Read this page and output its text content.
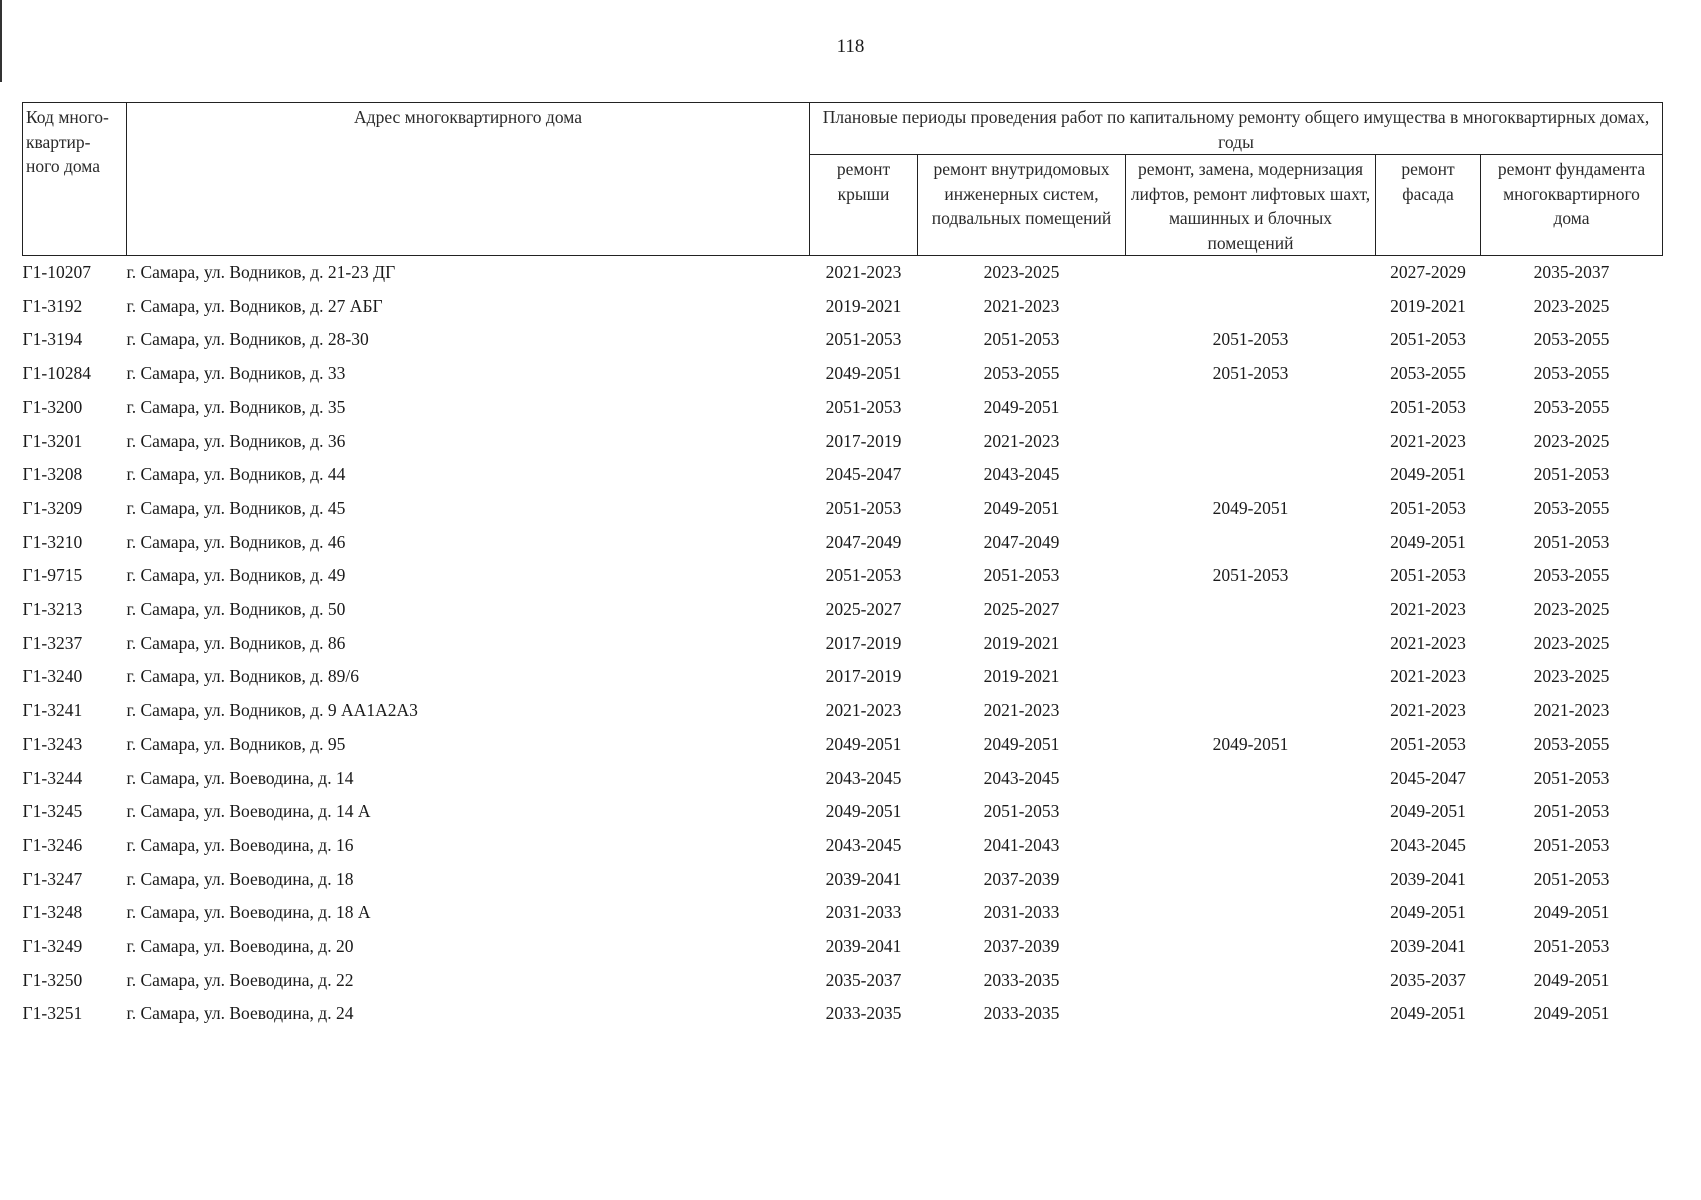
118
Код много-квартир-ного дома	Адрес многоквартирного дома	Плановые периоды проведения работ по капитальному ремонту общего имущества в многоквартирных домах, годы				
		ремонт крыши	ремонт внутридомовых инженерных систем, подвальных помещений	ремонт, замена, модернизация лифтов, ремонт лифтовых шахт, машинных и блочных помещений	ремонт фасада	ремонт фундамента многоквартирного дома
Г1-10207	г. Самара, ул. Водников, д. 21-23 ДГ	2021-2023	2023-2025		2027-2029	2035-2037
Г1-3192	г. Самара, ул. Водников, д. 27 АБГ	2019-2021	2021-2023		2019-2021	2023-2025
Г1-3194	г. Самара, ул. Водников, д. 28-30	2051-2053	2051-2053	2051-2053	2051-2053	2053-2055
Г1-10284	г. Самара, ул. Водников, д. 33	2049-2051	2053-2055	2051-2053	2053-2055	2053-2055
Г1-3200	г. Самара, ул. Водников, д. 35	2051-2053	2049-2051		2051-2053	2053-2055
Г1-3201	г. Самара, ул. Водников, д. 36	2017-2019	2021-2023		2021-2023	2023-2025
Г1-3208	г. Самара, ул. Водников, д. 44	2045-2047	2043-2045		2049-2051	2051-2053
Г1-3209	г. Самара, ул. Водников, д. 45	2051-2053	2049-2051	2049-2051	2051-2053	2053-2055
Г1-3210	г. Самара, ул. Водников, д. 46	2047-2049	2047-2049		2049-2051	2051-2053
Г1-9715	г. Самара, ул. Водников, д. 49	2051-2053	2051-2053	2051-2053	2051-2053	2053-2055
Г1-3213	г. Самара, ул. Водников, д. 50	2025-2027	2025-2027		2021-2023	2023-2025
Г1-3237	г. Самара, ул. Водников, д. 86	2017-2019	2019-2021		2021-2023	2023-2025
Г1-3240	г. Самара, ул. Водников, д. 89/6	2017-2019	2019-2021		2021-2023	2023-2025
Г1-3241	г. Самара, ул. Водников, д. 9 АА1А2А3	2021-2023	2021-2023		2021-2023	2021-2023
Г1-3243	г. Самара, ул. Водников, д. 95	2049-2051	2049-2051	2049-2051	2051-2053	2053-2055
Г1-3244	г. Самара, ул. Воеводина, д. 14	2043-2045	2043-2045		2045-2047	2051-2053
Г1-3245	г. Самара, ул. Воеводина, д. 14 А	2049-2051	2051-2053		2049-2051	2051-2053
Г1-3246	г. Самара, ул. Воеводина, д. 16	2043-2045	2041-2043		2043-2045	2051-2053
Г1-3247	г. Самара, ул. Воеводина, д. 18	2039-2041	2037-2039		2039-2041	2051-2053
Г1-3248	г. Самара, ул. Воеводина, д. 18 А	2031-2033	2031-2033		2049-2051	2049-2051
Г1-3249	г. Самара, ул. Воеводина, д. 20	2039-2041	2037-2039		2039-2041	2051-2053
Г1-3250	г. Самара, ул. Воеводина, д. 22	2035-2037	2033-2035		2035-2037	2049-2051
Г1-3251	г. Самара, ул. Воеводина, д. 24	2033-2035	2033-2035		2049-2051	2049-2051
